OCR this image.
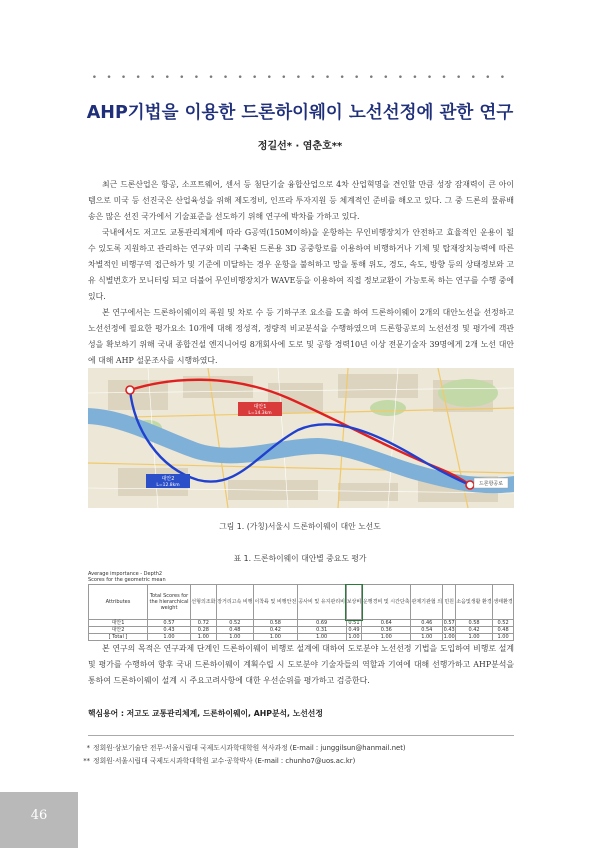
• • • • • • • • • • • • • • • • • • • • • • • • • • • • •
AHP기법을 이용한 드론하이웨이 노선선정에 관한 연구
정길선* · 염춘호**

최근 드론산업은 항공, 소프트웨어, 센서 등 첨단기술 융합산업으로 4차 산업혁명을 견인할 만큼 성장 잠재력이 큰 아이템으로 미국 등 선진국은 산업육성을 위해 제도정비, 인프라 투자지원 등 체계적인 준비를 해오고 있다. 그 중 드론의 물류배송은 많은 선진 국가에서 기술표준을 선도하기 위해 연구에 박차를 가하고 있다.

국내에서도 저고도 교통관리체계에 따라 G공역(150M이하)을 운항하는 무인비행장치가 안전하고 효율적인 운용이 될 수 있도록 지원하고 관리하는 연구와 미리 구축된 드론용 3D 공중항로를 이용하여 비행하거나 기체 및 탑재장치능력에 따른 차별적인 비행구역 접근하가 및 기준에 미달하는 경우 운항을 불허하고 망을 통해 위도, 경도, 속도, 방향 등의 상태정보와 고유 식별번호가 모니터링 되고 더불어 무인비행장치가 WAVE등을 이용하여 직접 정보교환이 가능토록 하는 연구를 수행 중에 있다.

본 연구에서는 드론하이웨이의 폭원 및 차로 수 등 기하구조 요소를 도출 하여 드론하이웨이 2개의 대안노선을 선정하고 노선선정에 필요한 평가요소 10개에 대해 정성적, 정량적 비교분석을 수행하였으며 드론항공로의 노선선정 및 평가에 객관성을 확보하기 위해 국내 종합건설 엔지니어링 8개회사에 도로 및 공항 경력10년 이상 전문기술자 39명에게 2개 노선 대안에 대해 AHP 설문조사를 시행하였다.

대안1
L=14.3km
대안2
L=12.8km	드론항공로
그림 1. (가칭)서울시 드론하이웨이 대안 노선도
표 1. 드론하이웨이 대안별 중요도 평가
Average importance - Depth2
Scores for the geometric mean
Attributes	Total Scores for the hierarchical weight	선형의조화	장거리고속 비행	이착륙 및 비행안전	공사비 및 유지관리비	보상비	운행경비 및 시간단축	관제기관협 의	민원	소음및생활 환경	생태환경
대안1	0.57	0.72	0.52	0.58	0.69	0.51	0.64	0.46	0.57	0.58	0.52
대안2	0.43	0.28	0.48	0.42	0.31	0.49	0.36	0.54	0.43	0.42	0.48
[ Total ]	1.00	1.00	1.00	1.00	1.00	1.00	1.00	1.00	1.00	1.00	1.00

본 연구의 목적은 연구과제 단계인 드론하이웨이 비행로 설계에 대하여 도로분야 노선선정 기법을 도입하여 비행로 설계 및 평가를 수행하여 향후 국내 드론하이웨이 계획수립 시 도로분야 기술자들의 역할과 기여에 대해 선행가하고 AHP분석을 통하여 드론하이웨이 설계 시 주요고려사항에 대한 우선순위를 평가하고 검증한다.

핵심용어 : 저고도 교통관리체계, 드론하이웨이, AHP분석, 노선선정
* 정회원·삼보기술단 전무·서울시립대 국제도시과학대학원 석사과정 (E-mail : junggilsun@hanmail.net)
** 정회원·서울시립대 국제도시과학대학원 교수·공학박사 (E-mail : chunho7@uos.ac.kr)
46
